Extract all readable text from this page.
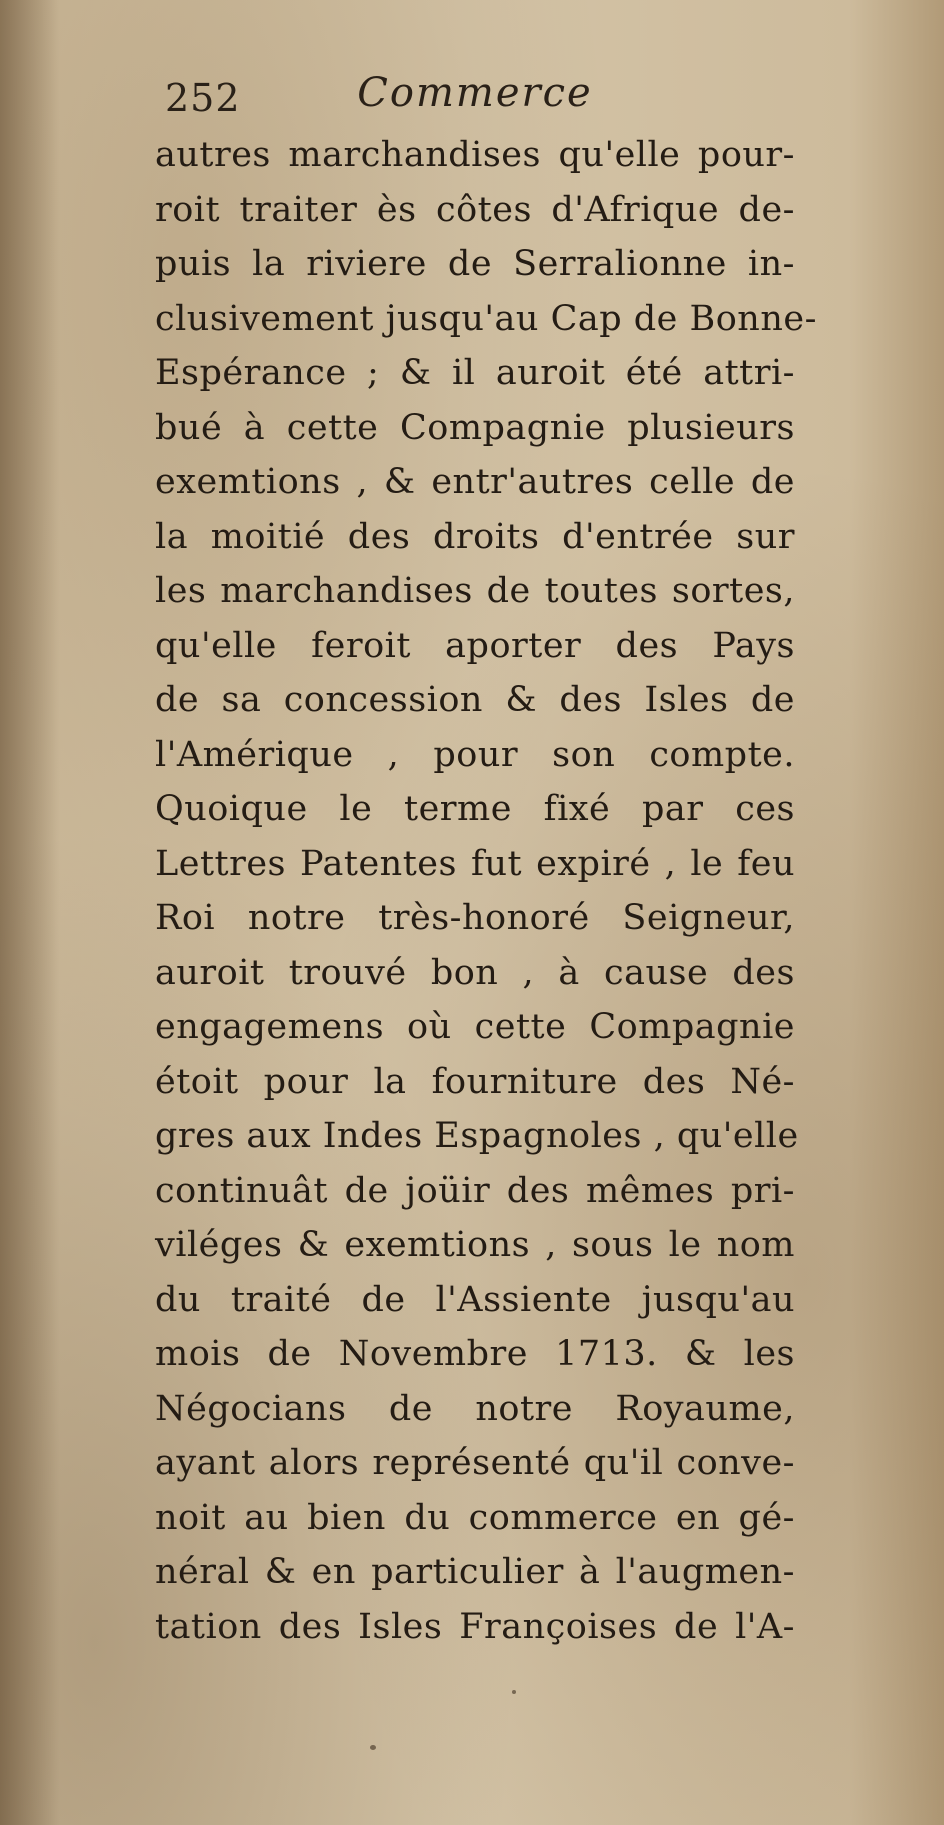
252	Commerce
autres marchandises qu'elle pour-
roit traiter ès côtes d'Afrique de-
puis la riviere de Serralionne in-
clusivement jusqu'au Cap de Bonne-
Espérance ; & il auroit été attri-
bué à cette Compagnie plusieurs
exemtions , & entr'autres celle de
la moitié des droits d'entrée sur
les marchandises de toutes sortes,
qu'elle feroit aporter des Pays
de sa concession & des Isles de
l'Amérique , pour son compte.
Quoique le terme fixé par ces
Lettres Patentes fut expiré , le feu
Roi notre très-honoré Seigneur,
auroit trouvé bon , à cause des
engagemens où cette Compagnie
étoit pour la fourniture des Né-
gres aux Indes Espagnoles , qu'elle
continuât de joüir des mêmes pri-
viléges & exemtions , sous le nom
du traité de l'Assiente jusqu'au
mois de Novembre 1713. & les
Négocians de notre Royaume,
ayant alors représenté qu'il conve-
noit au bien du commerce en gé-
néral & en particulier à l'augmen-
tation des Isles Françoises de l'A-
